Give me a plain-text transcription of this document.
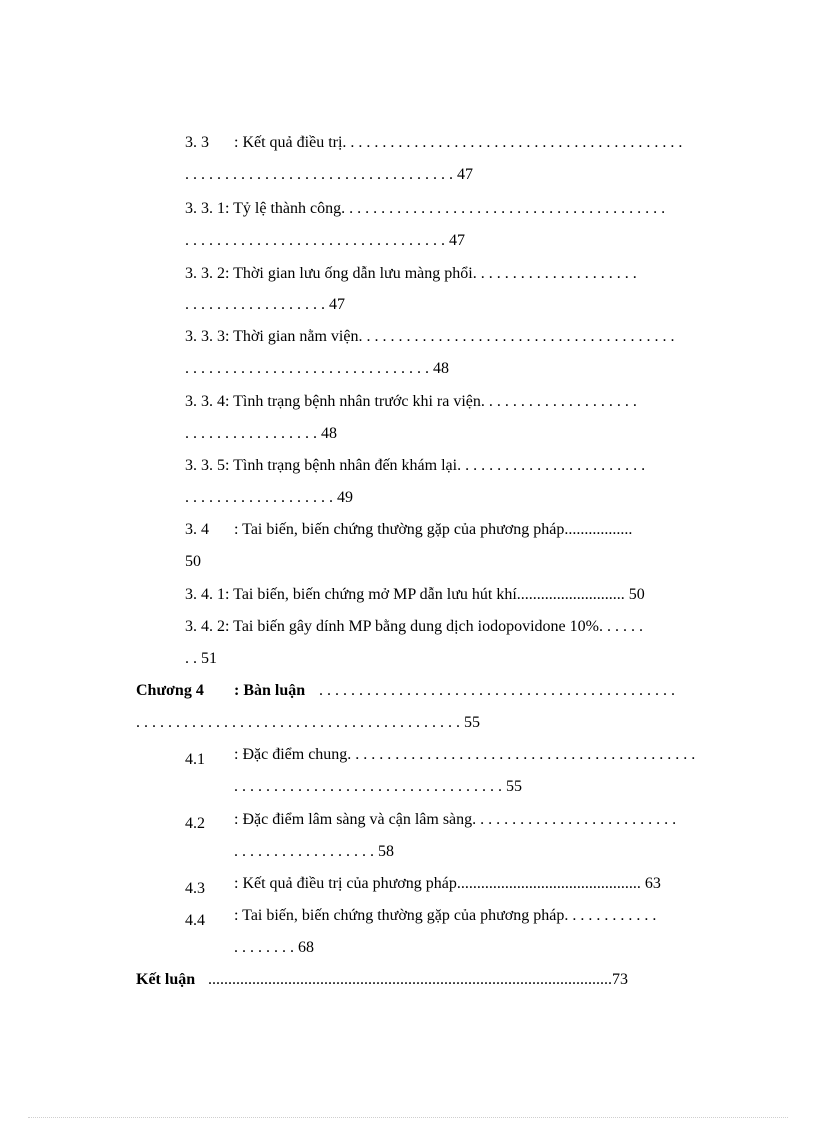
3. 3 : Kết quả điều trị. . . . . . . . . . . . . . . . . . . . . . . . . . . . . . . . . . . . . . . . . . .
. . . . . . . . . . . . . . . . . . . . . . . . . . . . . . . . . . 47
3. 3. 1: Tỷ lệ thành công. . . . . . . . . . . . . . . . . . . . . . . . . . . . . . . . . . . . . . . . .
. . . . . . . . . . . . . . . . . . . . . . . . . . . . . . . . . 47
3. 3. 2: Thời gian lưu ống dẫn lưu màng phổi. . . . . . . . . . . . . . . . . . . . .
. . . . . . . . . . . . . . . . . . 47
3. 3. 3: Thời gian nằm viện. . . . . . . . . . . . . . . . . . . . . . . . . . . . . . . . . . . . . . . .
. . . . . . . . . . . . . . . . . . . . . . . . . . . . . . . 48
3. 3. 4: Tình trạng bệnh nhân trước khi ra viện. . . . . . . . . . . . . . . . . . . .
. . . . . . . . . . . . . . . . . 48
3. 3. 5: Tình trạng bệnh nhân đến khám lại. . . . . . . . . . . . . . . . . . . . . . . .
. . . . . . . . . . . . . . . . . . . 49
3. 4 : Tai biến, biến chứng thường gặp của phương pháp.................
50
3. 4. 1: Tai biến, biến chứng mở MP dẫn lưu hút khí........................... 50
3. 4. 2: Tai biến gây dính MP bằng dung dịch iodopovidone 10%. . . . . .
. . 51
Chương 4 : Bàn luận . . . . . . . . . . . . . . . . . . . . . . . . . . . . . . . . . . . . . . . . . . . . .
. . . . . . . . . . . . . . . . . . . . . . . . . . . . . . . . . . . . . . . . . 55
4.1 : Đặc điểm chung. . . . . . . . . . . . . . . . . . . . . . . . . . . . . . . . . . . . . . . . . . . .
. . . . . . . . . . . . . . . . . . . . . . . . . . . . . . . . . . 55
4.2 : Đặc điểm lâm sàng và cận lâm sàng. . . . . . . . . . . . . . . . . . . . . . . . . .
. . . . . . . . . . . . . . . . . . 58
4.3 : Kết quả điều trị của phương pháp.............................................. 63
4.4 : Tai biến, biến chứng thường gặp của phương pháp. . . . . . . . . . . .
. . . . . . . . 68
Kết luận .....................................................................................................73
